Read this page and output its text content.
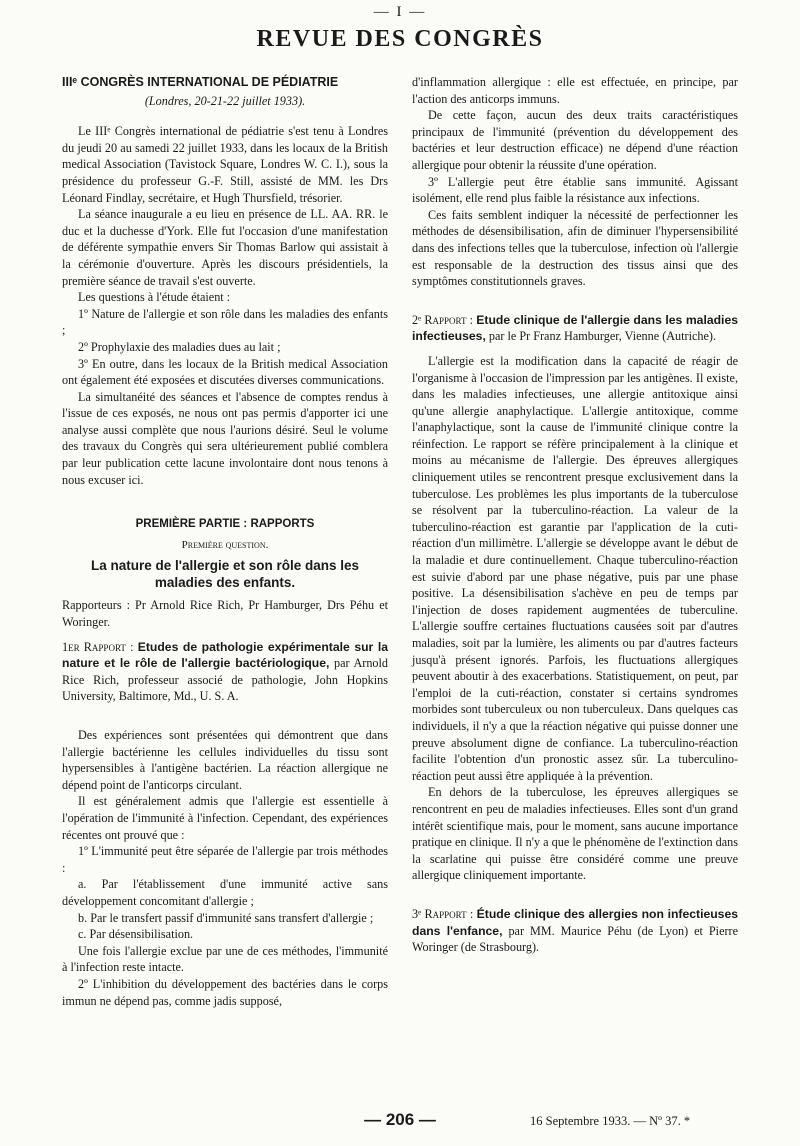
— I —
REVUE DES CONGRÈS

IIIᵉ CONGRÈS INTERNATIONAL DE PÉDIATRIE

(Londres, 20-21-22 juillet 1933).

Le IIIᵉ Congrès international de pédiatrie s'est tenu à Londres du jeudi 20 au samedi 22 juillet 1933, dans les locaux de la British medical Association (Tavistock Square, Londres W. C. I.), sous la présidence du professeur G.-F. Still, assisté de MM. les Drs Léonard Findlay, secrétaire, et Hugh Thursfield, trésorier.

La séance inaugurale a eu lieu en présence de LL. AA. RR. le duc et la duchesse d'York. Elle fut l'occasion d'une manifestation de déférente sympathie envers Sir Thomas Barlow qui assistait à la cérémonie d'ouverture. Après les discours présidentiels, la première séance de travail s'est ouverte.

Les questions à l'étude étaient :

1º Nature de l'allergie et son rôle dans les maladies des enfants ;

2º Prophylaxie des maladies dues au lait ;

3º En outre, dans les locaux de la British medical Association ont également été exposées et discutées diverses communications.

La simultanéité des séances et l'absence de comptes rendus à l'issue de ces exposés, ne nous ont pas permis d'apporter ici une analyse aussi complète que nous l'aurions désiré. Seul le volume des travaux du Congrès qui sera ultérieurement publié comblera par leur publication cette lacune involontaire dont nous tenons à nous excuser ici.

PREMIÈRE PARTIE : RAPPORTS

Première question.

La nature de l'allergie et son rôle dans les maladies des enfants.

Rapporteurs : Pr Arnold Rice Rich, Pr Hamburger, Drs Péhu et Woringer.

1er Rapport : Etudes de pathologie expérimentale sur la nature et le rôle de l'allergie bactériologique, par Arnold Rice Rich, professeur associé de pathologie, John Hopkins University, Baltimore, Md., U. S. A.

Des expériences sont présentées qui démontrent que dans l'allergie bactérienne les cellules individuelles du tissu sont hypersensibles à l'antigène bactérien. La réaction allergique ne dépend point de l'anticorps circulant.

Il est généralement admis que l'allergie est essentielle à l'opération de l'immunité à l'infection. Cependant, des expériences récentes ont prouvé que :

1º L'immunité peut être séparée de l'allergie par trois méthodes :

a. Par l'établissement d'une immunité active sans développement concomitant d'allergie ;

b. Par le transfert passif d'immunité sans transfert d'allergie ;

c. Par désensibilisation.

Une fois l'allergie exclue par une de ces méthodes, l'immunité à l'infection reste intacte.

2º L'inhibition du développement des bactéries dans le corps immun ne dépend pas, comme jadis supposé,

d'inflammation allergique : elle est effectuée, en principe, par l'action des anticorps immuns.

De cette façon, aucun des deux traits caractéristiques principaux de l'immunité (prévention du développement des bactéries et leur destruction efficace) ne dépend d'une réaction allergique pour obtenir la réussite d'une opération.

3º L'allergie peut être établie sans immunité. Agissant isolément, elle rend plus faible la résistance aux infections.

Ces faits semblent indiquer la nécessité de perfectionner les méthodes de désensibilisation, afin de diminuer l'hypersensibilité dans des infections telles que la tuberculose, infection où l'allergie est responsable de la destruction des tissus ainsi que des symptômes constitutionnels graves.

2ᵉ Rapport : Etude clinique de l'allergie dans les maladies infectieuses, par le Pr Franz Hamburger, Vienne (Autriche).

L'allergie est la modification dans la capacité de réagir de l'organisme à l'occasion de l'impression par les antigènes. Il existe, dans les maladies infectieuses, une allergie antitoxique ainsi qu'une allergie anaphylactique. L'allergie antitoxique, comme l'anaphylactique, sont la cause de l'immunité clinique contre la réinfection. Le rapport se réfère principalement à la clinique et moins au mécanisme de l'allergie. Des épreuves allergiques cliniquement utiles se rencontrent presque exclusivement dans la tuberculose. Les problèmes les plus importants de la tuberculose se résolvent par la tuberculino-réaction. La valeur de la tuberculino-réaction est garantie par l'application de la cuti-réaction d'un millimètre. L'allergie se développe avant le début de la maladie et dure continuellement. Chaque tuberculino-réaction est suivie d'abord par une phase négative, puis par une phase positive. La désensibilisation s'achève en peu de temps par l'injection de doses rapidement augmentées de tuberculine. L'allergie souffre certaines fluctuations causées soit par d'autres maladies, soit par la lumière, les aliments ou par d'autres facteurs jusqu'à présent ignorés. Parfois, les fluctuations allergiques peuvent aboutir à des exacerbations. Statistiquement, on peut, par l'emploi de la cuti-réaction, constater si certains syndromes morbides sont tuberculeux ou non tuberculeux. Dans quelques cas individuels, il n'y a que la réaction négative qui puisse donner une preuve absolument digne de confiance. La tuberculino-réaction facilite l'obtention d'un pronostic assez sûr. La tuberculino-réaction peut aussi être appliquée à la prévention.

En dehors de la tuberculose, les épreuves allergiques se rencontrent en peu de maladies infectieuses. Elles sont d'un grand intérêt scientifique mais, pour le moment, sans aucune importance pratique en clinique. Il n'y a que le phénomène de l'extinction dans la scarlatine qui puisse être considéré comme une preuve allergique cliniquement importante.

3ᵉ Rapport : Étude clinique des allergies non infectieuses dans l'enfance, par MM. Maurice Péhu (de Lyon) et Pierre Woringer (de Strasbourg).

— 206 —	16 Septembre 1933. — Nº 37. *
